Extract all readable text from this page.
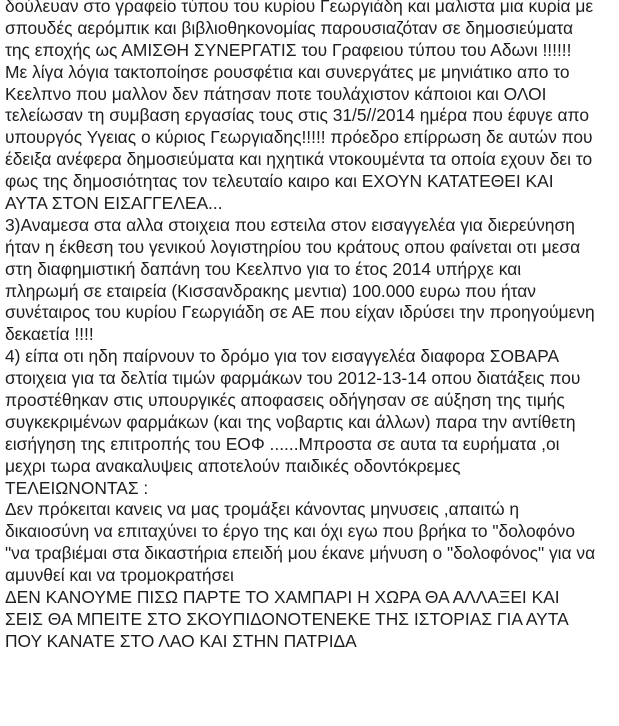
δούλευαν στο γραφείο τύπου του κυρίου Γεωργιάδη και μαλιστα μια κυρία με
σπουδές αερόμπικ και βιβλιοθηκονομίας παρουσιαζόταν σε δημοσιεύματα
της εποχής ως ΑΜΙΣΘΗ ΣΥΝΕΡΓΑΤΙΣ του Γραφειου τύπου του Αδωνι !!!!!!
Με λίγα λόγια τακτοποίησε ρουσφέτια και συνεργάτες με μηνιάτικο απο το
Κεελπνο που μαλλον δεν πάτησαν ποτε τουλάχιστον κάποιοι και ΟΛΟΙ
τελείωσαν τη συμβαση εργασίας τους στις 31/5//2014 ημέρα που έφυγε απο
υπουργός Υγειας ο κύριος Γεωργιαδης!!!!! πρόεδρο επίρρωση δε αυτών που
έδειξα ανέφερα δημοσιεύματα και ηχητικά ντοκουμέντα τα οποία εχουν δει το
φως της δημοσιότητας τον τελευταίο καιρο και ΕΧΟΥΝ ΚΑΤΑΤΕΘΕΙ ΚΑΙ
ΑΥΤΑ ΣΤΟΝ ΕΙΣΑΓΓΕΛΕΑ...
3)Αναμεσα στα αλλα στοιχεια που εστειλα στον εισαγγελέα για διερεύνηση
ήταν η έκθεση του γενικού λογιστηρίου του κράτους οπου φαίνεται οτι μεσα
στη διαφημιστική δαπάνη του Κεελπνο για το έτος 2014 υπήρχε και
πληρωμή σε εταιρεία (Κισσανδρακης μεντια) 100.000 ευρω που ήταν
συνέταιρος του κυρίου Γεωργιάδη σε ΑΕ που είχαν ιδρύσει την προηγούμενη
δεκαετία !!!!
4) είπα οτι ηδη παίρνουν το δρόμο για τον εισαγγελέα διαφορα ΣΟΒΑΡΑ
στοιχεια για τα δελτία τιμών φαρμάκων του 2012-13-14 οπου διατάξεις που
προστέθηκαν στις υπουργικές αποφασεις οδήγησαν σε αύξηση της τιμής
συγκεκριμένων φαρμάκων (και της νοβαρτις και άλλων) παρα την αντίθετη
εισήγηση της επιτροπής του ΕΟΦ ......Μπροστα σε αυτα τα ευρήματα ,οι
μεχρι τωρα ανακαλυψεις αποτελούν παιδικές οδοντόκρεμες
ΤΕΛΕΙΩΝΟΝΤΑΣ :
Δεν πρόκειται κανεις να μας τρομάξει κάνοντας μηνυσεις ,απαιτώ η
δικαιοσύνη να επιταχύνει το έργο της και όχι εγω που βρήκα το "δολοφόνο
"να τραβιέμαι στα δικαστήρια επειδή μου έκανε μήνυση ο "δολοφόνος" για να
αμυνθεί και να τρομοκρατήσει
ΔΕΝ ΚΑΝΟΥΜΕ ΠΙΣΩ ΠΑΡΤΕ ΤΟ ΧΑΜΠΑΡΙ Η ΧΩΡΑ ΘΑ ΑΛΛΑΞΕΙ ΚΑΙ
ΣΕΙΣ ΘΑ ΜΠΕΙΤΕ ΣΤΟ ΣΚΟΥΠΙΔΟΝΟΤΕΝΕΚΕ ΤΗΣ ΙΣΤΟΡΙΑΣ ΓΙΑ ΑΥΤΑ
ΠΟΥ ΚΑΝΑΤΕ ΣΤΟ ΛΑΟ ΚΑΙ ΣΤΗΝ ΠΑΤΡΙΔΑ
